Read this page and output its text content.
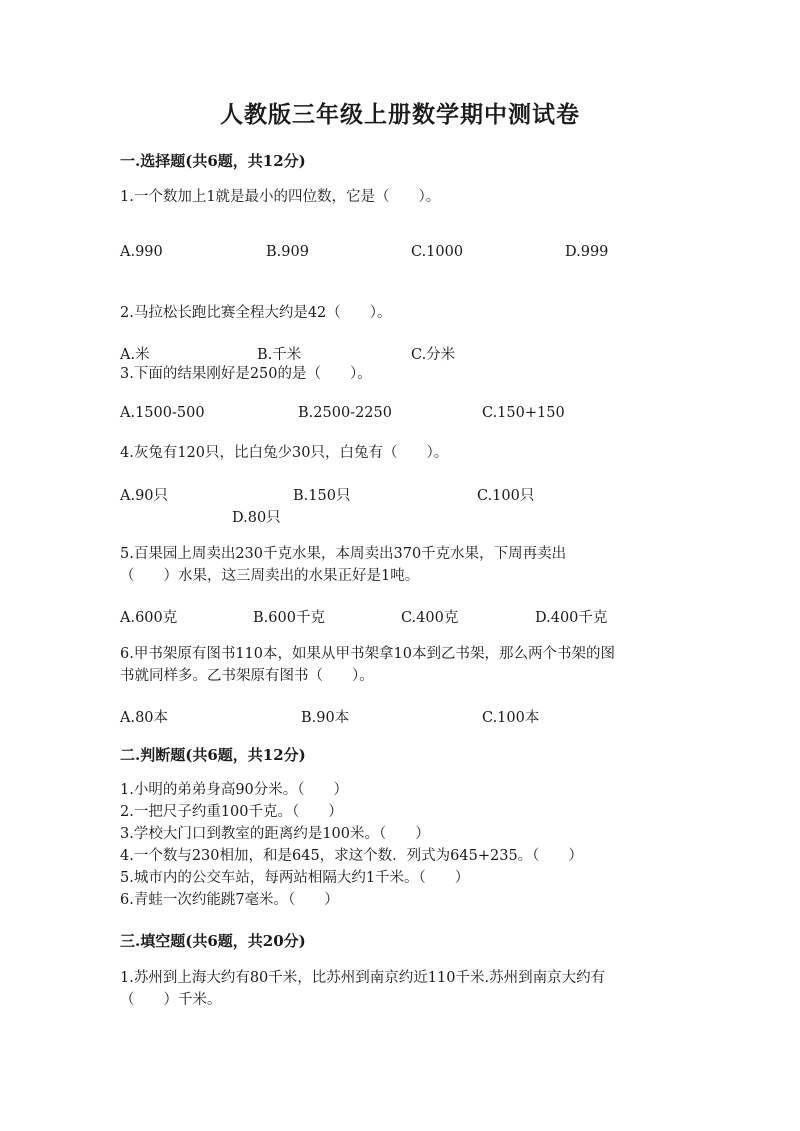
人教版三年级上册数学期中测试卷
一.选择题(共6题，共12分)
1.一个数加上1就是最小的四位数，它是（　　）。
A.990	B.909	C.1000	D.999
2.马拉松长跑比赛全程大约是42（　　）。
A.米	B.千米	C.分米
3.下面的结果刚好是250的是（　　）。
A.1500-500	B.2500-2250	C.150+150
4.灰兔有120只，比白兔少30只，白兔有（　　）。
A.90只	B.150只	C.100只
D.80只
5.百果园上周卖出230千克水果，本周卖出370千克水果，下周再卖出
（　　）水果，这三周卖出的水果正好是1吨。
A.600克	B.600千克	C.400克	D.400千克
6.甲书架原有图书110本，如果从甲书架拿10本到乙书架，那么两个书架的图
书就同样多。乙书架原有图书（　　）。
A.80本	B.90本	C.100本
二.判断题(共6题，共12分)
1.小明的弟弟身高90分米。（　　）
2.一把尺子约重100千克。（　　）
3.学校大门口到教室的距离约是100米。（　　）
4.一个数与230相加，和是645，求这个数．列式为645+235。（　　）
5.城市内的公交车站，每两站相隔大约1千米。（　　）
6.青蛙一次约能跳7毫米。（　　）
三.填空题(共6题，共20分)
1.苏州到上海大约有80千米，比苏州到南京约近110千米.苏州到南京大约有
（　　）千米。
